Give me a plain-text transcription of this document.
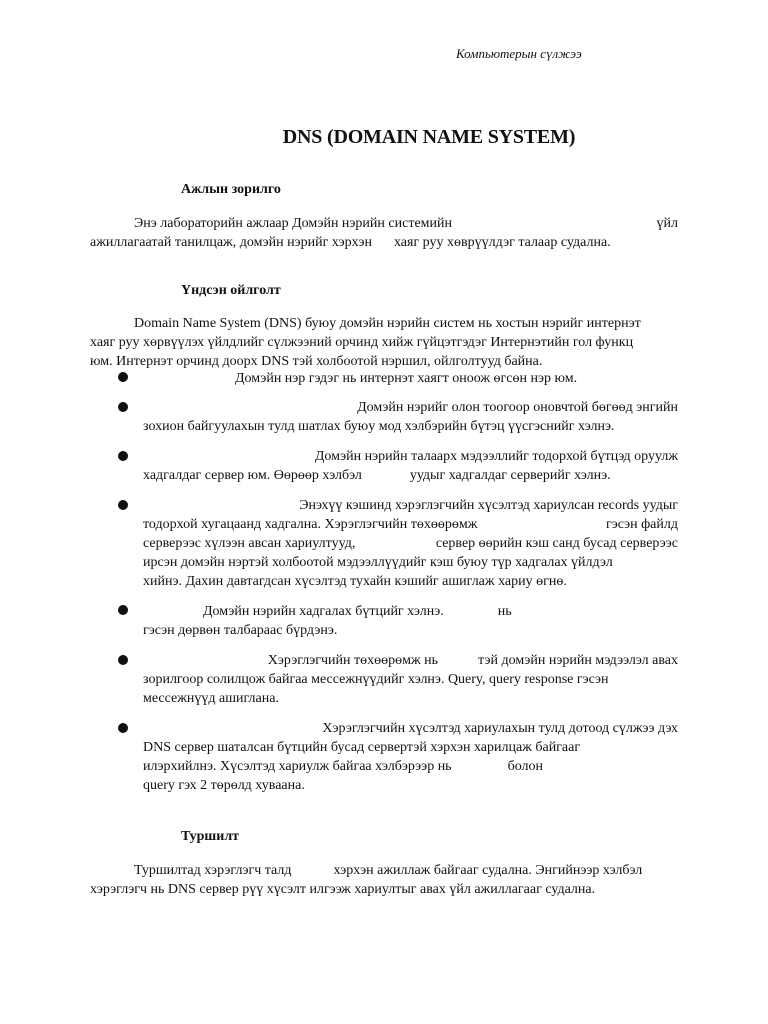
Компьютерын сүлжээ
DNS (DOMAIN NAME SYSTEM)
Ажлын зорилго
Энэ лабораторийн ажлаар Домэйн нэрийн системийн	үйл
ажиллагаатай танилцаж, домэйн нэрийг хэрхэн хаяг руу хөврүүлдэг талаар судална.
Үндсэн ойлголт
Domain Name System (DNS) буюу домэйн нэрийн систем нь хостын нэрийг интернэт
хаяг руу хөрвүүлэх үйлдлийг сүлжээний орчинд хийж гүйцэтгэдэг Интернэтийн гол функц
юм. Интернэт орчинд доорх DNS тэй холбоотой нэршил, ойлголтууд байна.
Домэйн нэр гэдэг нь интернэт хаягт оноож өгсөн нэр юм.
Домэйн нэрийг олон тоогоор оновчтой бөгөөд энгийн
зохион байгуулахын тулд шатлах буюу мод хэлбэрийн бүтэц үүсгэснийг хэлнэ.
Домэйн нэрийн талаарх мэдээллийг тодорхой бүтцэд оруулж
хадгалдаг сервер юм. Өөрөөр хэлбэл	уудыг хадгалдаг серверийг хэлнэ.
Энэхүү кэшинд хэрэглэгчийн хүсэлтэд хариулсан records уудыг
тодорхой хугацаанд хадгална. Хэрэглэгчийн төхөөрөмж	гэсэн файлд
серверээс хүлээн авсан хариултууд,	сервер өөрийн кэш санд бусад серверээс
ирсэн домэйн нэртэй холбоотой мэдээллүүдийг кэш буюу түр хадгалах үйлдэл
хийнэ. Дахин давтагдсан хүсэлтэд тухайн кэшийг ашиглаж хариу өгнө.
Домэйн нэрийн хадгалах бүтцийг хэлнэ.	нь
гэсэн дөрвөн талбараас бүрдэнэ.
Хэрэглэгчийн төхөөрөмж нь	тэй домэйн нэрийн мэдээлэл авах
зорилгоор солилцож байгаа мессежнүүдийг хэлнэ. Query, query response гэсэн
мессежнүүд ашиглана.
Хэрэглэгчийн хүсэлтэд хариулахын тулд дотоод сүлжээ дэх
DNS сервер шаталсан бүтцийн бусад сервертэй хэрхэн харилцаж байгааг
илэрхийлнэ. Хүсэлтэд хариулж байгаа хэлбэрээр нь	болон
query гэх 2 төрөлд хуваана.
Туршилт
Туршилтад хэрэглэгч талд	хэрхэн ажиллаж байгааг судална. Энгийнээр хэлбэл
хэрэглэгч нь DNS сервер рүү хүсэлт илгээж хариултыг авах үйл ажиллагааг судална.
